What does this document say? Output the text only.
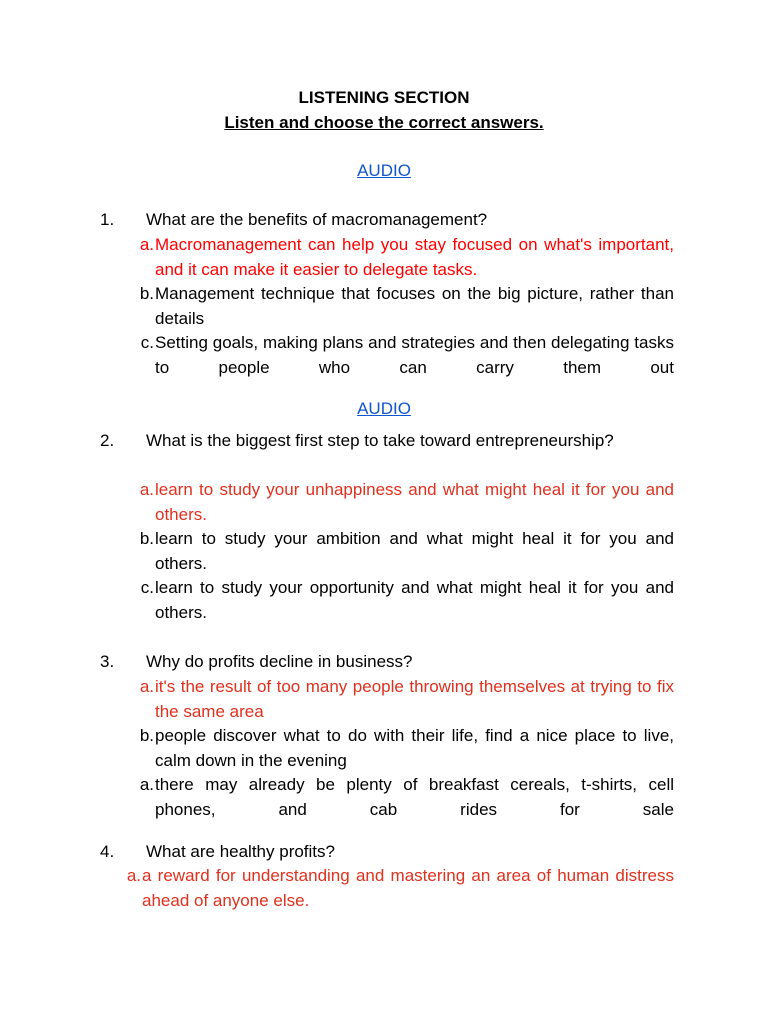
LISTENING SECTION
Listen and choose the correct answers.
AUDIO
1. What are the benefits of macromanagement?
a. Macromanagement can help you stay focused on what's important, and it can make it easier to delegate tasks.
b. Management technique that focuses on the big picture, rather than details
c. Setting goals, making plans and strategies and then delegating tasks to people who can carry them out
AUDIO
2. What is the biggest first step to take toward entrepreneurship?
a. learn to study your unhappiness and what might heal it for you and others.
b. learn to study your ambition and what might heal it for you and others.
c. learn to study your opportunity and what might heal it for you and others.
3. Why do profits decline in business?
a. it's the result of too many people throwing themselves at trying to fix the same area
b. people discover what to do with their life, find a nice place to live, calm down in the evening
a. there may already be plenty of breakfast cereals, t-shirts, cell phones, and cab rides for sale
4. What are healthy profits?
a. a reward for understanding and mastering an area of human distress ahead of anyone else.
